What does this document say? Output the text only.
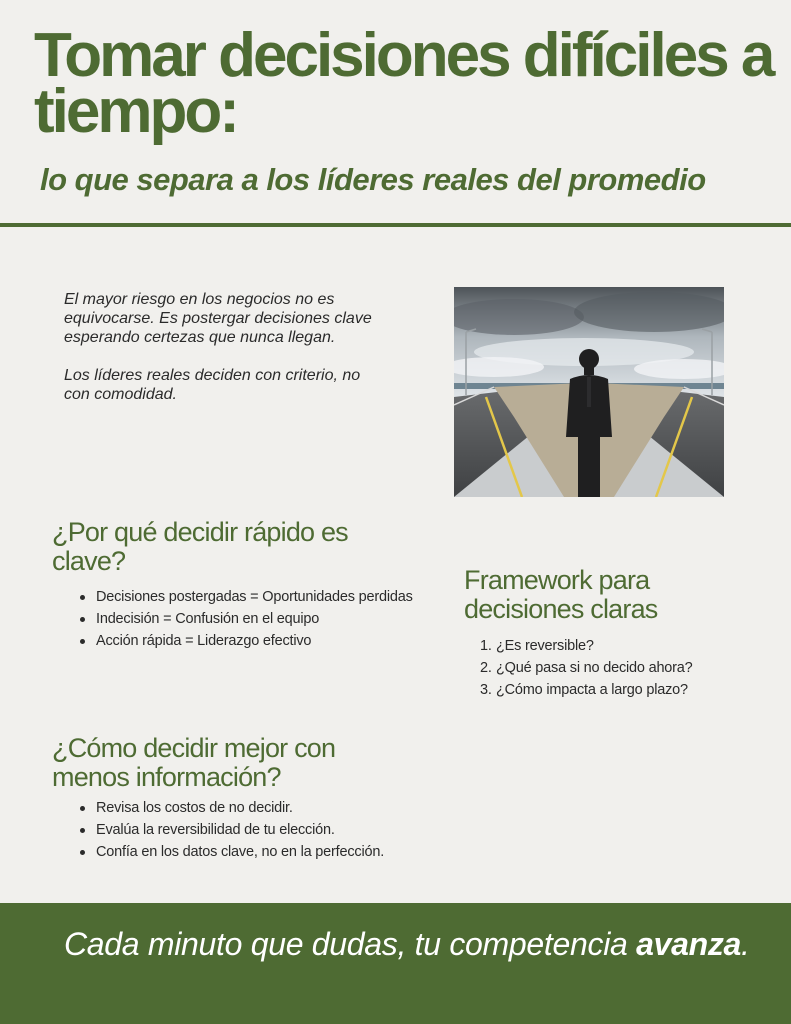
Tomar decisiones difíciles a tiempo:
lo que separa a los líderes reales del promedio

El mayor riesgo en los negocios no es equivocarse. Es postergar decisiones clave esperando certezas que nunca llegan.

Los líderes reales deciden con criterio, no con comodidad.

¿Por qué decidir rápido es clave?
Decisiones postergadas = Oportunidades perdidas
Indecisión = Confusión en el equipo
Acción rápida = Liderazgo efectivo
Framework para decisiones claras
1. ¿Es reversible?
2. ¿Qué pasa si no decido ahora?
3. ¿Cómo impacta a largo plazo?
¿Cómo decidir mejor con menos información?
Revisa los costos de no decidir.
Evalúa la reversibilidad de tu elección.
Confía en los datos clave, no en la perfección.

Cada minuto que dudas, tu competencia avanza.
